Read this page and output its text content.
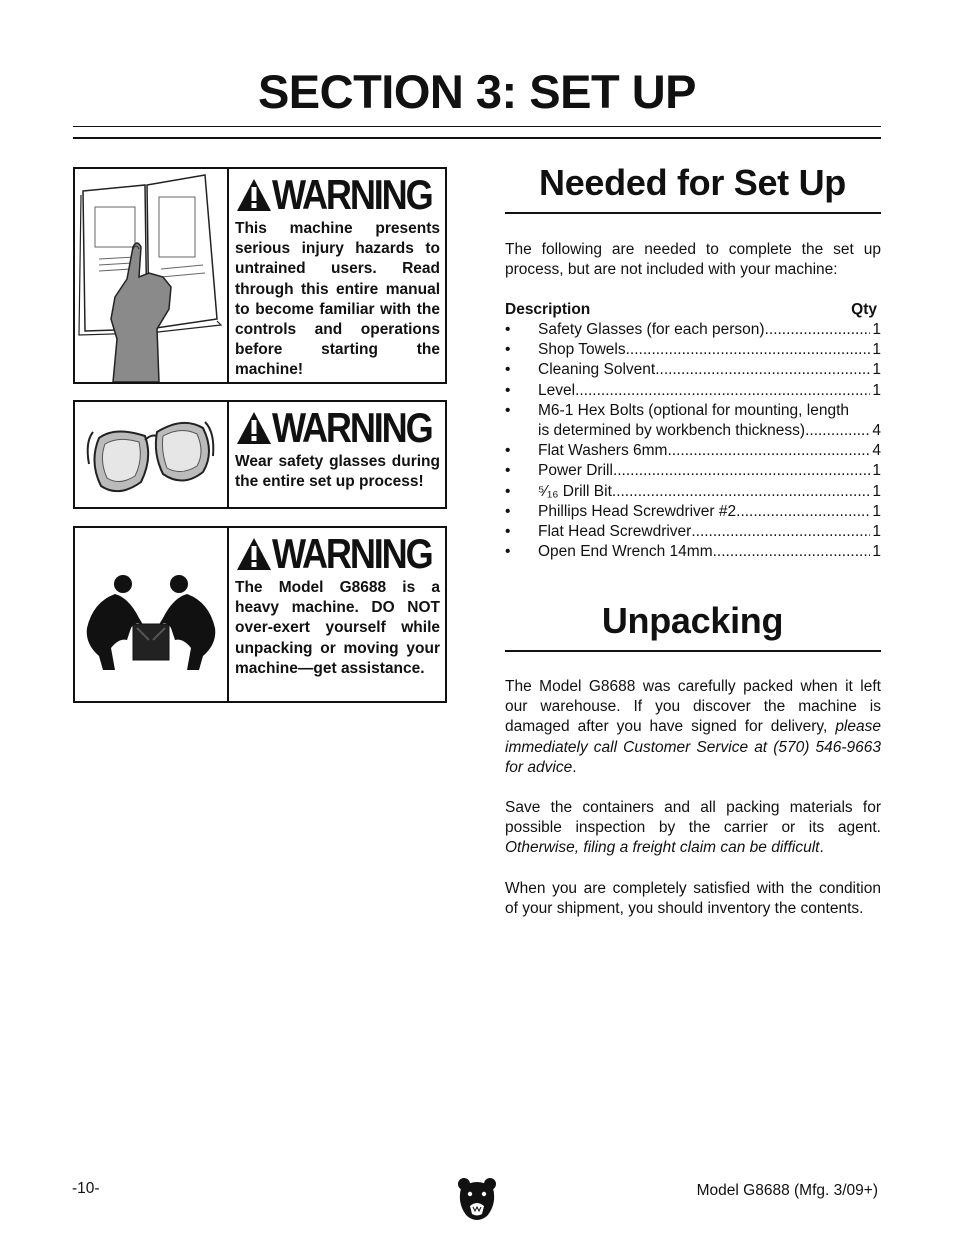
SECTION 3: SET UP
WARNING
This machine presents serious injury hazards to untrained users. Read through this entire manual to become familiar with the controls and operations before starting the machine!
WARNING
Wear safety glasses during the entire set up process!
WARNING
The Model G8688 is a heavy machine. DO NOT over-exert yourself while unpacking or moving your machine—get assistance.
Needed for Set Up
The following are needed to complete the set up process, but are not included with your machine:
Description	Qty
• Safety Glasses (for each person) .....	1
• Shop Towels .....	1
• Cleaning Solvent .....	1
• Level .....	1
• M6-1 Hex Bolts (optional for mounting, length
is determined by workbench thickness) .....	4
• Flat Washers 6mm .....	4
• Power Drill .....	1
• ⁵⁄₁₆ Drill Bit .....	1
• Phillips Head Screwdriver #2 .....	1
• Flat Head Screwdriver .....	1
• Open End Wrench 14mm .....	1
Unpacking
The Model G8688 was carefully packed when it left our warehouse. If you discover the machine is damaged after you have signed for delivery, please immediately call Customer Service at (570) 546-9663 for advice.
Save the containers and all packing materials for possible inspection by the carrier or its agent. Otherwise, filing a freight claim can be difficult.
When you are completely satisfied with the condition of your shipment, you should inventory the contents.
-10-	Model G8688 (Mfg. 3/09+)
